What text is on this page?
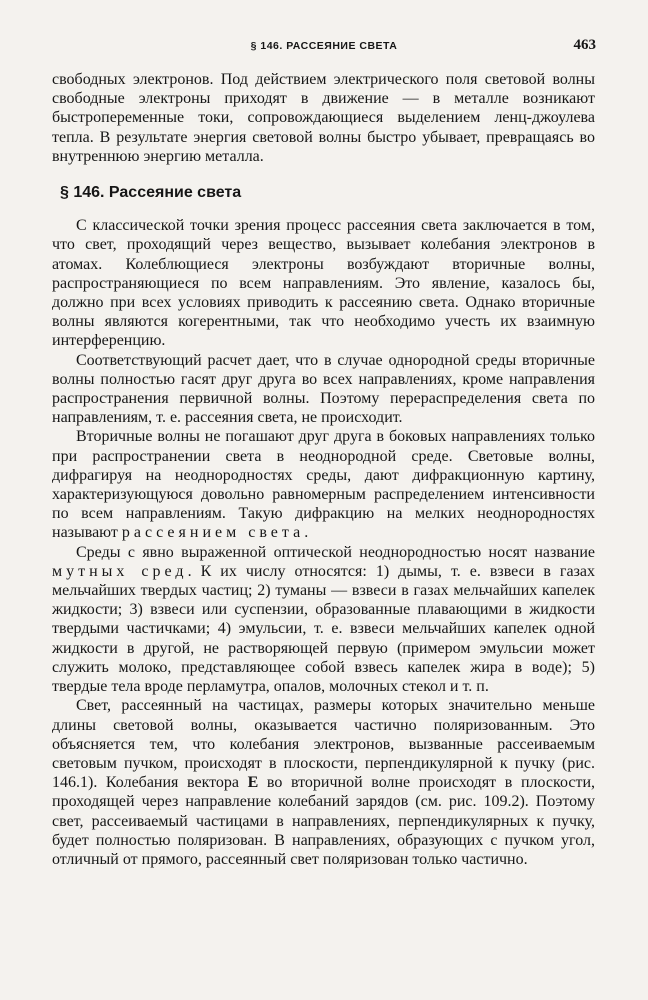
§ 146. РАССЕЯНИЕ СВЕТА	463

свободных электронов. Под действием электрического поля световой волны свободные электроны приходят в движение — в металле возникают быстропеременные токи, сопровождающиеся выделением ленц-джоулева тепла. В результате энергия световой волны быстро убывает, превращаясь во внутреннюю энергию металла.

§ 146. Рассеяние света

С классической точки зрения процесс рассеяния света заключается в том, что свет, проходящий через вещество, вызывает колебания электронов в атомах. Колеблющиеся электроны возбуждают вторичные волны, распространяющиеся по всем направлениям. Это явление, казалось бы, должно при всех условиях приводить к рассеянию света. Однако вторичные волны являются когерентными, так что необходимо учесть их взаимную интерференцию.

Соответствующий расчет дает, что в случае однородной среды вторичные волны полностью гасят друг друга во всех направлениях, кроме направления распространения первичной волны. Поэтому перераспределения света по направлениям, т. е. рассеяния света, не происходит.

Вторичные волны не погашают друг друга в боковых направлениях только при распространении света в неоднородной среде. Световые волны, дифрагируя на неоднородностях среды, дают дифракционную картину, характеризующуюся довольно равномерным распределением интенсивности по всем направлениям. Такую дифракцию на мелких неоднородностях называют рассеянием света.

Среды с явно выраженной оптической неоднородностью носят название мутных сред. К их числу относятся: 1) дымы, т. е. взвеси в газах мельчайших твердых частиц; 2) туманы — взвеси в газах мельчайших капелек жидкости; 3) взвеси или суспензии, образованные плавающими в жидкости твердыми частичками; 4) эмульсии, т. е. взвеси мельчайших капелек одной жидкости в другой, не растворяющей первую (примером эмульсии может служить молоко, представляющее собой взвесь капелек жира в воде); 5) твердые тела вроде перламутра, опалов, молочных стекол и т. п.

Свет, рассеянный на частицах, размеры которых значительно меньше длины световой волны, оказывается частично поляризованным. Это объясняется тем, что колебания электронов, вызванные рассеиваемым световым пучком, происходят в плоскости, перпендикулярной к пучку (рис. 146.1). Колебания вектора E во вторичной волне происходят в плоскости, проходящей через направление колебаний зарядов (см. рис. 109.2). Поэтому свет, рассеиваемый частицами в направлениях, перпендикулярных к пучку, будет полностью поляризован. В направлениях, образующих с пучком угол, отличный от прямого, рассеянный свет поляризован только частично.
